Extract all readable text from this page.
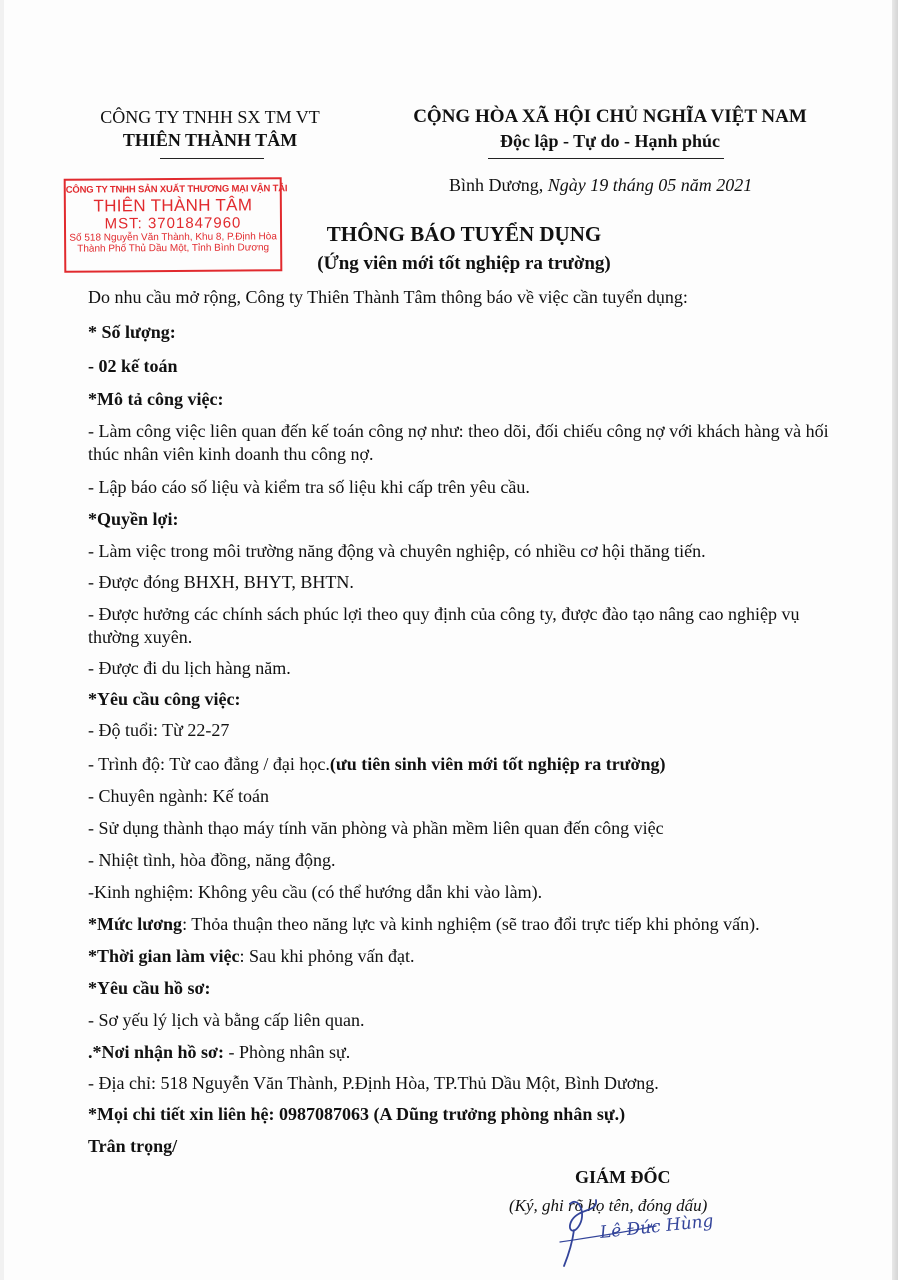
CÔNG TY TNHH SX TM VT
THIÊN THÀNH TÂM
CỘNG HÒA XÃ HỘI CHỦ NGHĨA VIỆT NAM
Độc lập - Tự do - Hạnh phúc
Bình Dương, Ngày 19 tháng 05 năm 2021
CÔNG TY TNHH SẢN XUẤT THƯƠNG MẠI VẬN TẢI
THIÊN THÀNH TÂM
MST: 3701847960
Số 518 Nguyễn Văn Thành, Khu 8, P.Định Hòa
Thành Phố Thủ Dầu Một, Tỉnh Bình Dương
THÔNG BÁO TUYỂN DỤNG
(Ứng viên mới tốt nghiệp ra trường)
Do nhu cầu mở rộng, Công ty Thiên Thành Tâm thông báo về việc cần tuyển dụng:
* Số lượng:
- 02 kế toán
*Mô tả công việc:
- Làm công việc liên quan đến kế toán công nợ như: theo dõi, đối chiếu công nợ với khách hàng và hối thúc nhân viên kinh doanh thu công nợ.
- Lập báo cáo số liệu và kiểm tra số liệu khi cấp trên yêu cầu.
*Quyền lợi:
- Làm việc trong môi trường năng động và chuyên nghiệp, có nhiều cơ hội thăng tiến.
- Được đóng BHXH, BHYT, BHTN.
- Được hưởng các chính sách phúc lợi theo quy định của công ty, được đào tạo nâng cao nghiệp vụ thường xuyên.
- Được đi du lịch hàng năm.
*Yêu cầu công việc:
- Độ tuổi: Từ 22-27
- Trình độ: Từ cao đẳng / đại học.(ưu tiên sinh viên mới tốt nghiệp ra trường)
- Chuyên ngành: Kế toán
- Sử dụng thành thạo máy tính văn phòng và phần mềm liên quan đến công việc
- Nhiệt tình, hòa đồng, năng động.
-Kinh nghiệm: Không yêu cầu (có thể hướng dẫn khi vào làm).
*Mức lương: Thỏa thuận theo năng lực và kinh nghiệm (sẽ trao đổi trực tiếp khi phỏng vấn).
*Thời gian làm việc: Sau khi phỏng vấn đạt.
*Yêu cầu hồ sơ:
- Sơ yếu lý lịch và bằng cấp liên quan.
.*Nơi nhận hồ sơ: - Phòng nhân sự.
- Địa chỉ: 518 Nguyễn Văn Thành, P.Định Hòa, TP.Thủ Dầu Một, Bình Dương.
*Mọi chi tiết xin liên hệ: 0987087063 (A Dũng trưởng phòng nhân sự.)
Trân trọng/
GIÁM ĐỐC
(Ký, ghi rõ họ tên, đóng dấu)
Lê Đức Hùng
